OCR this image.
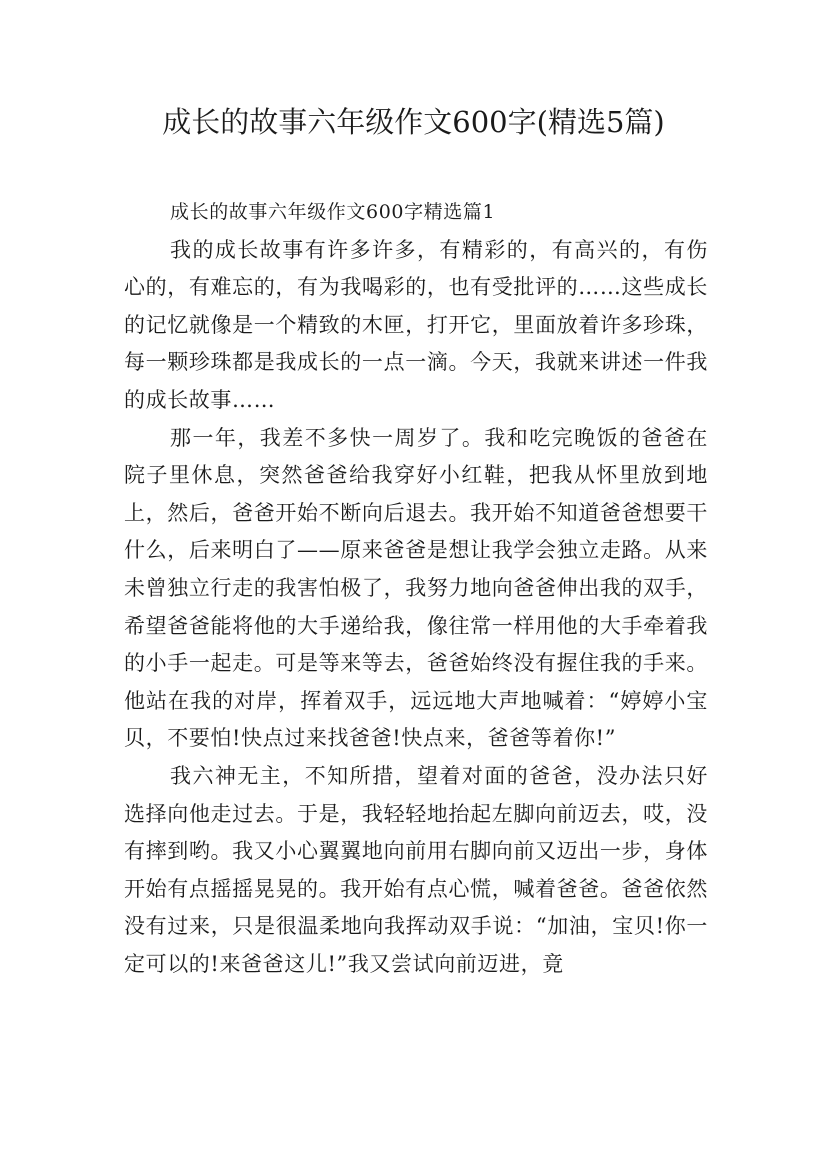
成长的故事六年级作文600字(精选5篇)

成长的故事六年级作文600字精选篇1

我的成长故事有许多许多，有精彩的，有高兴的，有伤心的，有难忘的，有为我喝彩的，也有受批评的……这些成长的记忆就像是一个精致的木匣，打开它，里面放着许多珍珠，每一颗珍珠都是我成长的一点一滴。今天，我就来讲述一件我的成长故事……

那一年，我差不多快一周岁了。我和吃完晚饭的爸爸在院子里休息，突然爸爸给我穿好小红鞋，把我从怀里放到地上，然后，爸爸开始不断向后退去。我开始不知道爸爸想要干什么，后来明白了——原来爸爸是想让我学会独立走路。从来未曾独立行走的我害怕极了，我努力地向爸爸伸出我的双手，希望爸爸能将他的大手递给我，像往常一样用他的大手牵着我的小手一起走。可是等来等去，爸爸始终没有握住我的手来。他站在我的对岸，挥着双手，远远地大声地喊着：“婷婷小宝贝，不要怕!快点过来找爸爸!快点来，爸爸等着你!”

我六神无主，不知所措，望着对面的爸爸，没办法只好选择向他走过去。于是，我轻轻地抬起左脚向前迈去，哎，没有摔到哟。我又小心翼翼地向前用右脚向前又迈出一步，身体开始有点摇摇晃晃的。我开始有点心慌，喊着爸爸。爸爸依然没有过来，只是很温柔地向我挥动双手说：“加油，宝贝!你一定可以的!来爸爸这儿!”我又尝试向前迈进，竟
